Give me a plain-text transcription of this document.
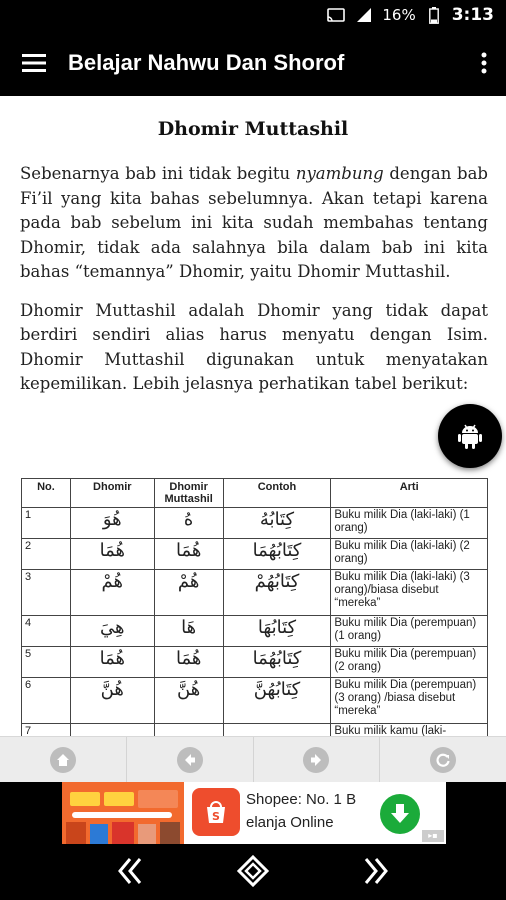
16% 3:13
Belajar Nahwu Dan Shorof
Dhomir Muttashil

Sebenarnya bab ini tidak begitu nyambung dengan bab Fi’il yang kita bahas sebelumnya. Akan tetapi karena pada bab sebelum ini kita sudah membahas tentang Dhomir, tidak ada salahnya bila dalam bab ini kita bahas “temannya” Dhomir, yaitu Dhomir Muttashil.

Dhomir Muttashil adalah Dhomir yang tidak dapat berdiri sendiri alias harus menyatu dengan Isim. Dhomir Muttashil digunakan untuk menyatakan kepemilikan. Lebih jelasnya perhatikan tabel berikut:

No.	Dhomir	Dhomir Muttashil	Contoh	Arti
1	هُوَ	هُ	كِتَابُهُ	Buku milik Dia (laki-laki) (1 orang)
2	هُمَا	هُمَا	كِتَابُهُمَا	Buku milik Dia (laki-laki) (2 orang)
3	هُمْ	هُمْ	كِتَابُهُمْ	Buku milik Dia (laki-laki) (3 orang)/biasa disebut “mereka”
4	هِيَ	هَا	كِتَابُهَا	Buku milik Dia (perempuan) (1 orang)
5	هُمَا	هُمَا	كِتَابُهُمَا	Buku milik Dia (perempuan) (2 orang)
6	هُنَّ	هُنَّ	كِتَابُهُنَّ	Buku milik Dia (perempuan) (3 orang) /biasa disebut “mereka”
7				Buku milik kamu (laki-
S
Shopee: No. 1 B
elanja Online
▸▪
